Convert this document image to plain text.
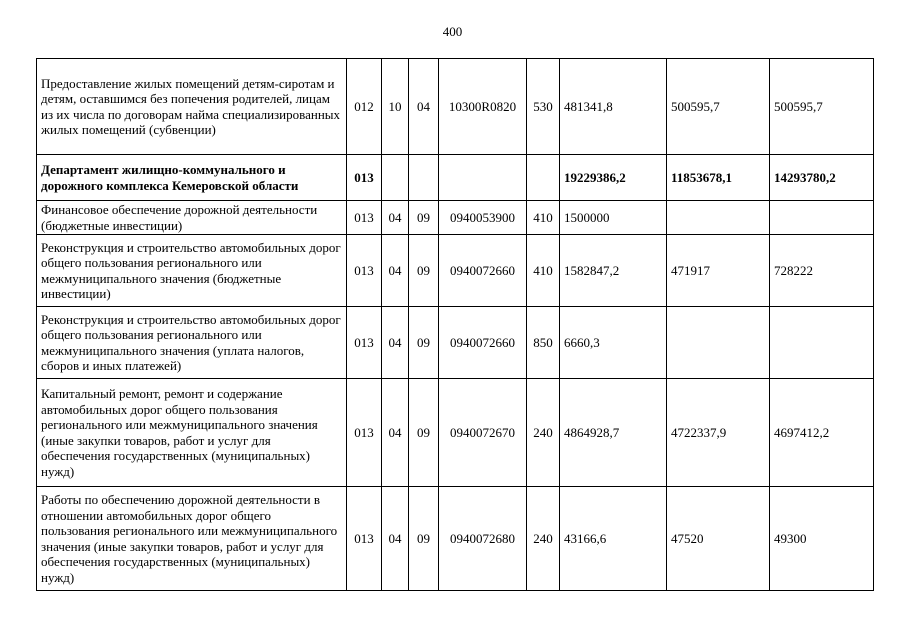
400
Предоставление жилых помещений детям-сиротам и детям, оставшимся без попечения родителей, лицам из их числа по договорам найма специализированных жилых помещений (субвенции)	012	10	04	10300R0820	530	481341,8	500595,7	500595,7
Департамент жилищно-коммунального и дорожного комплекса Кемеровской области	013					19229386,2	11853678,1	14293780,2
Финансовое обеспечение дорожной деятельности (бюджетные инвестиции)	013	04	09	0940053900	410	1500000		
Реконструкция и строительство автомобильных дорог общего пользования регионального или межмуниципального значения (бюджетные инвестиции)	013	04	09	0940072660	410	1582847,2	471917	728222
Реконструкция и строительство автомобильных дорог общего пользования регионального или межмуниципального значения (уплата налогов, сборов и иных платежей)	013	04	09	0940072660	850	6660,3		
Капитальный ремонт, ремонт и содержание автомобильных дорог общего пользования регионального или межмуниципального значения (иные закупки товаров, работ и услуг для обеспечения государственных (муниципальных) нужд)	013	04	09	0940072670	240	4864928,7	4722337,9	4697412,2
Работы по обеспечению дорожной деятельности в отношении автомобильных дорог общего пользования регионального или межмуниципального значения (иные закупки товаров, работ и услуг для обеспечения государственных (муниципальных) нужд)	013	04	09	0940072680	240	43166,6	47520	49300
